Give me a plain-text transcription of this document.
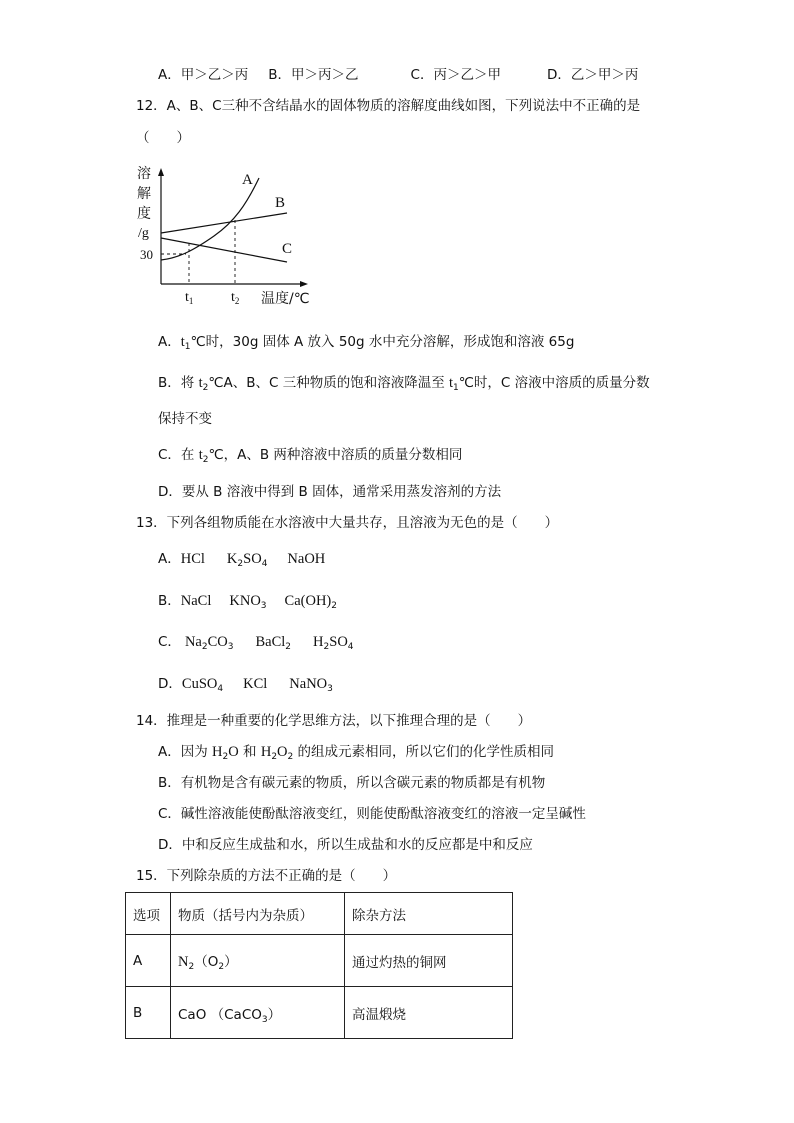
A．甲＞乙＞丙 B．甲＞丙＞乙	C．丙＞乙＞甲	D．乙＞甲＞丙
12．A、B、C三种不含结晶水的固体物质的溶解度曲线如图，下列说法中不正确的是
（　　）
溶
解
度
/g
30
A
B
C
$t_1$	$t_2$ 温度/℃
A．$t_1℃$时，30g 固体 A 放入 50g 水中充分溶解，形成饱和溶液 65g
B．将 $t_2℃A$、B、C 三种物质的饱和溶液降温至 $t_1℃$时，C 溶液中溶质的质量分数
保持不变
C．在 $t_2℃$，A、B 两种溶液中溶质的质量分数相同
D．要从 B 溶液中得到 B 固体，通常采用蒸发溶剂的方法
13．下列各组物质能在水溶液中大量共存，且溶液为无色的是（　　）
A．HCl $K_2SO_4$ NaOH
B．NaCl $KNO_3$ $Ca(OH)_2$
C． $Na_2CO_3$ BaCl$_2$ $H_2SO_4$
D．CuSO$_4$ KCl NaNO$_3$
14．推理是一种重要的化学思维方法，以下推理合理的是（　　）
A．因为 $H_2O$ 和 $H_2O_2$ 的组成元素相同，所以它们的化学性质相同
B．有机物是含有碳元素的物质，所以含碳元素的物质都是有机物
C．碱性溶液能使酚酞溶液变红，则能使酚酞溶液变红的溶液一定呈碱性
D．中和反应生成盐和水，所以生成盐和水的反应都是中和反应
15．下列除杂质的方法不正确的是（　　）
选项	物质（括号内为杂质）	除杂方法
A	$N_2(O_2)$	通过灼热的铜网
B	CaO （CaCO$_3$）	高温煅烧
